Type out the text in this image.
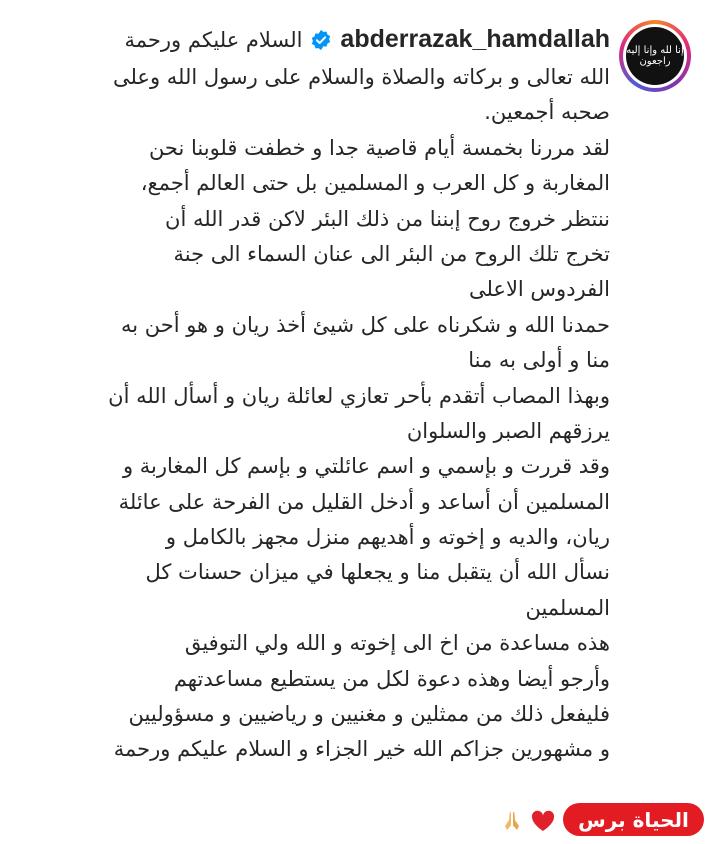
إنا لله وإنا إليه راجعون
abderrazak_hamdallah
السلام عليكم ورحمة
الله تعالى و بركاته والصلاة والسلام على رسول الله وعلى
صحبه أجمعين.
لقد مررنا بخمسة أيام قاصية جدا و خطفت قلوبنا نحن
المغاربة و كل العرب و المسلمين بل حتى العالم أجمع،
ننتظر خروج روح إبننا من ذلك البئر لاكن قدر الله أن
تخرج تلك الروح من البئر الى عنان السماء الى جنة
الفردوس الاعلى
حمدنا الله و شكرناه على كل شيئ أخذ ريان و هو أحن به
منا و أولى به منا
وبهذا المصاب أتقدم بأحر تعازي لعائلة ريان و أسأل الله أن
يرزقهم الصبر والسلوان
وقد قررت و بإسمي و اسم عائلتي و بإسم كل المغاربة و
المسلمين أن أساعد و أدخل القليل من الفرحة على عائلة
ريان، والديه و إخوته و أهديهم منزل مجهز بالكامل و
نسأل الله أن يتقبل منا و يجعلها في ميزان حسنات كل
المسلمين
هذه مساعدة من اخ الى إخوته و الله ولي التوفيق
وأرجو أيضا وهذه دعوة لكل من يستطيع مساعدتهم
فليفعل ذلك من ممثلين و مغنيين و رياضيين و مسؤوليين
و مشهورين جزاكم الله خير الجزاء و السلام عليكم ورحمة

الحياة برس
